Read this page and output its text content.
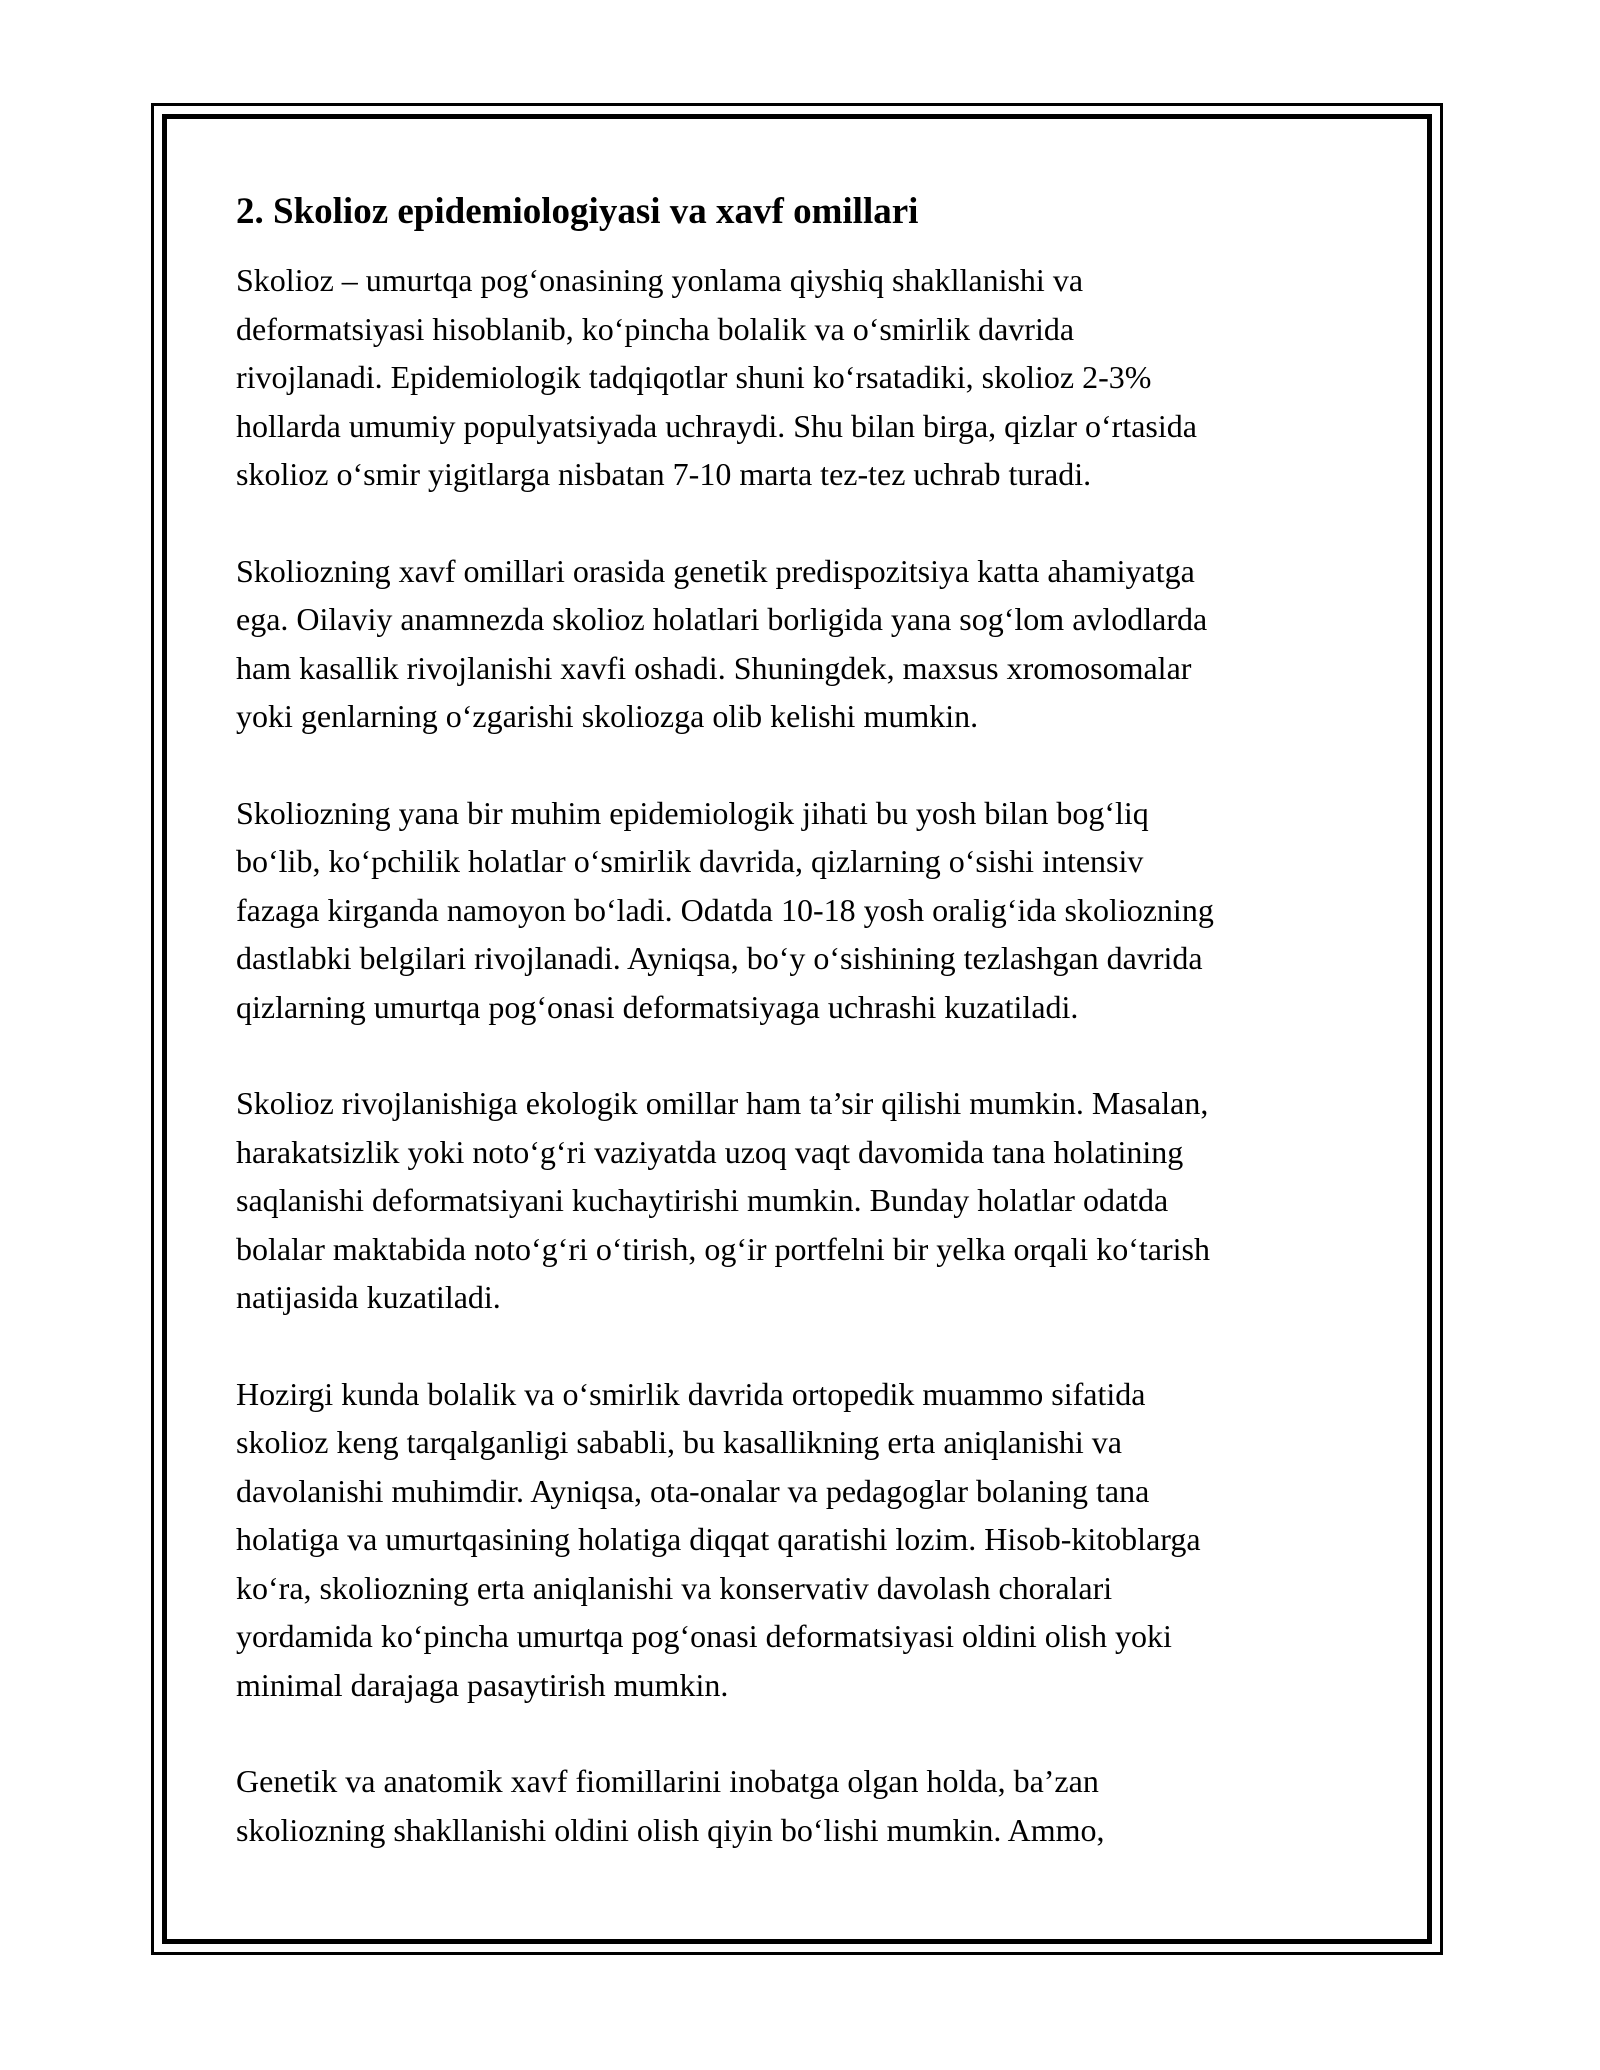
2. Skolioz epidemiologiyasi va xavf omillari

Skolioz – umurtqa pog‘onasining yonlama qiyshiq shakllanishi va
deformatsiyasi hisoblanib, ko‘pincha bolalik va o‘smirlik davrida
rivojlanadi. Epidemiologik tadqiqotlar shuni ko‘rsatadiki, skolioz 2-3%
hollarda umumiy populyatsiyada uchraydi. Shu bilan birga, qizlar o‘rtasida
skolioz o‘smir yigitlarga nisbatan 7-10 marta tez-tez uchrab turadi.

Skoliozning xavf omillari orasida genetik predispozitsiya katta ahamiyatga
ega. Oilaviy anamnezda skolioz holatlari borligida yana sog‘lom avlodlarda
ham kasallik rivojlanishi xavfi oshadi. Shuningdek, maxsus xromosomalar
yoki genlarning o‘zgarishi skoliozga olib kelishi mumkin.

Skoliozning yana bir muhim epidemiologik jihati bu yosh bilan bog‘liq
bo‘lib, ko‘pchilik holatlar o‘smirlik davrida, qizlarning o‘sishi intensiv
fazaga kirganda namoyon bo‘ladi. Odatda 10-18 yosh oralig‘ida skoliozning
dastlabki belgilari rivojlanadi. Ayniqsa, bo‘y o‘sishining tezlashgan davrida
qizlarning umurtqa pog‘onasi deformatsiyaga uchrashi kuzatiladi.

Skolioz rivojlanishiga ekologik omillar ham ta’sir qilishi mumkin. Masalan,
harakatsizlik yoki noto‘g‘ri vaziyatda uzoq vaqt davomida tana holatining
saqlanishi deformatsiyani kuchaytirishi mumkin. Bunday holatlar odatda
bolalar maktabida noto‘g‘ri o‘tirish, og‘ir portfelni bir yelka orqali ko‘tarish
natijasida kuzatiladi.

Hozirgi kunda bolalik va o‘smirlik davrida ortopedik muammo sifatida
skolioz keng tarqalganligi sababli, bu kasallikning erta aniqlanishi va
davolanishi muhimdir. Ayniqsa, ota-onalar va pedagoglar bolaning tana
holatiga va umurtqasining holatiga diqqat qaratishi lozim. Hisob-kitoblarga
ko‘ra, skoliozning erta aniqlanishi va konservativ davolash choralari
yordamida ko‘pincha umurtqa pog‘onasi deformatsiyasi oldini olish yoki
minimal darajaga pasaytirish mumkin.

Genetik va anatomik xavf fiomillarini inobatga olgan holda, ba’zan
skoliozning shakllanishi oldini olish qiyin bo‘lishi mumkin. Ammo,
